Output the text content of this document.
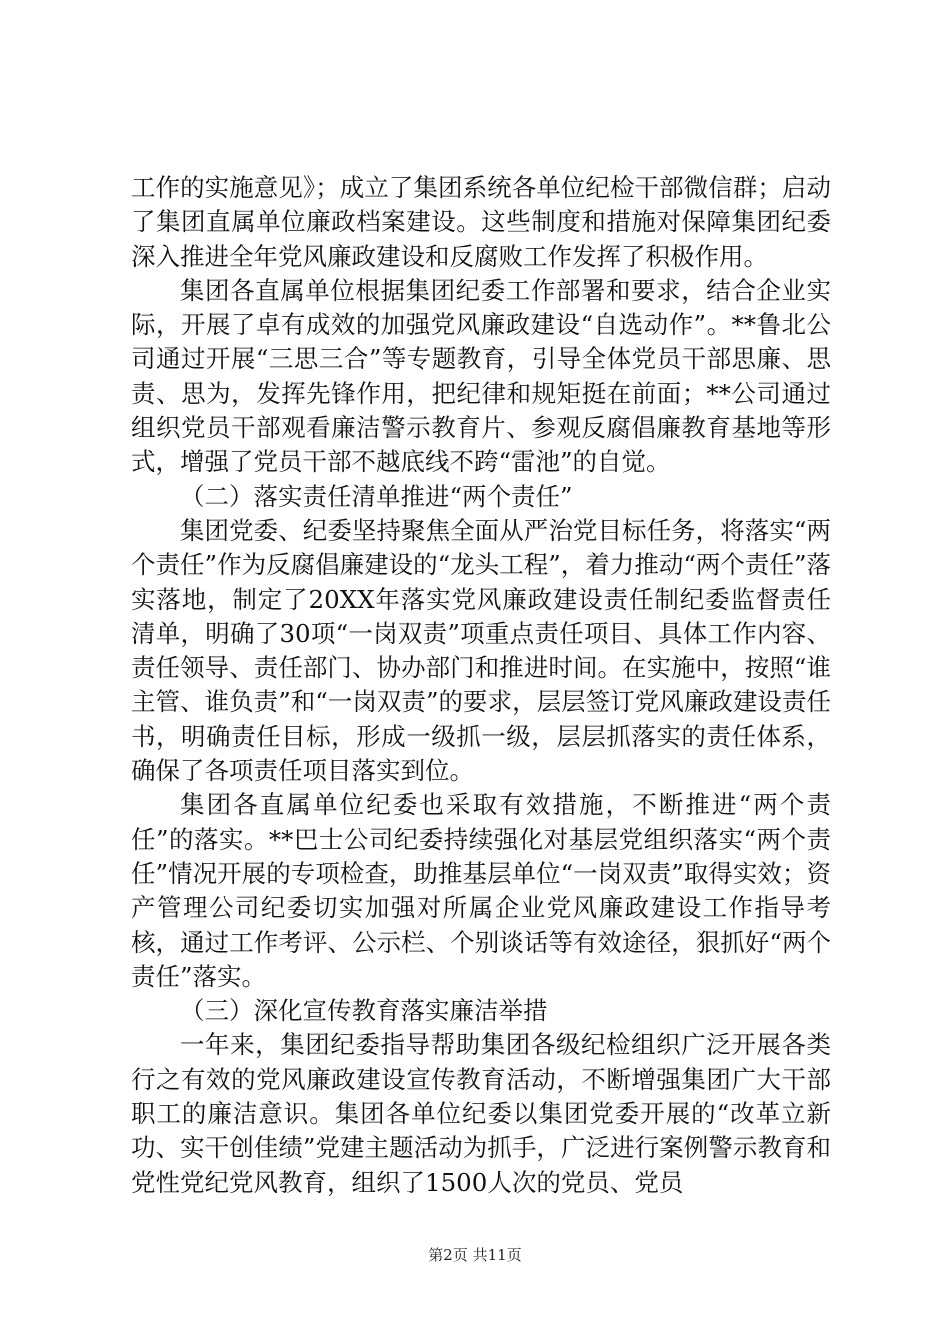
工作的实施意见》；成立了集团系统各单位纪检干部微信群；启动了集团直属单位廉政档案建设。这些制度和措施对保障集团纪委深入推进全年党风廉政建设和反腐败工作发挥了积极作用。

集团各直属单位根据集团纪委工作部署和要求，结合企业实际，开展了卓有成效的加强党风廉政建设“自选动作”。**鲁北公司通过开展“三思三合”等专题教育，引导全体党员干部思廉、思责、思为，发挥先锋作用，把纪律和规矩挺在前面；**公司通过组织党员干部观看廉洁警示教育片、参观反腐倡廉教育基地等形式，增强了党员干部不越底线不跨“雷池”的自觉。

（二）落实责任清单推进“两个责任”

集团党委、纪委坚持聚焦全面从严治党目标任务，将落实“两个责任”作为反腐倡廉建设的“龙头工程”，着力推动“两个责任”落实落地，制定了20XX年落实党风廉政建设责任制纪委监督责任清单，明确了30项“一岗双责”项重点责任项目、具体工作内容、责任领导、责任部门、协办部门和推进时间。在实施中，按照“谁主管、谁负责”和“一岗双责”的要求，层层签订党风廉政建设责任书，明确责任目标，形成一级抓一级，层层抓落实的责任体系，确保了各项责任项目落实到位。

集团各直属单位纪委也采取有效措施，不断推进“两个责任”的落实。**巴士公司纪委持续强化对基层党组织落实“两个责任”情况开展的专项检查，助推基层单位“一岗双责”取得实效；资产管理公司纪委切实加强对所属企业党风廉政建设工作指导考核，通过工作考评、公示栏、个别谈话等有效途径，狠抓好“两个责任”落实。

（三）深化宣传教育落实廉洁举措

一年来，集团纪委指导帮助集团各级纪检组织广泛开展各类行之有效的党风廉政建设宣传教育活动，不断增强集团广大干部职工的廉洁意识。集团各单位纪委以集团党委开展的“改革立新功、实干创佳绩”党建主题活动为抓手，广泛进行案例警示教育和党性党纪党风教育，组织了1500人次的党员、党员

第2页 共11页
